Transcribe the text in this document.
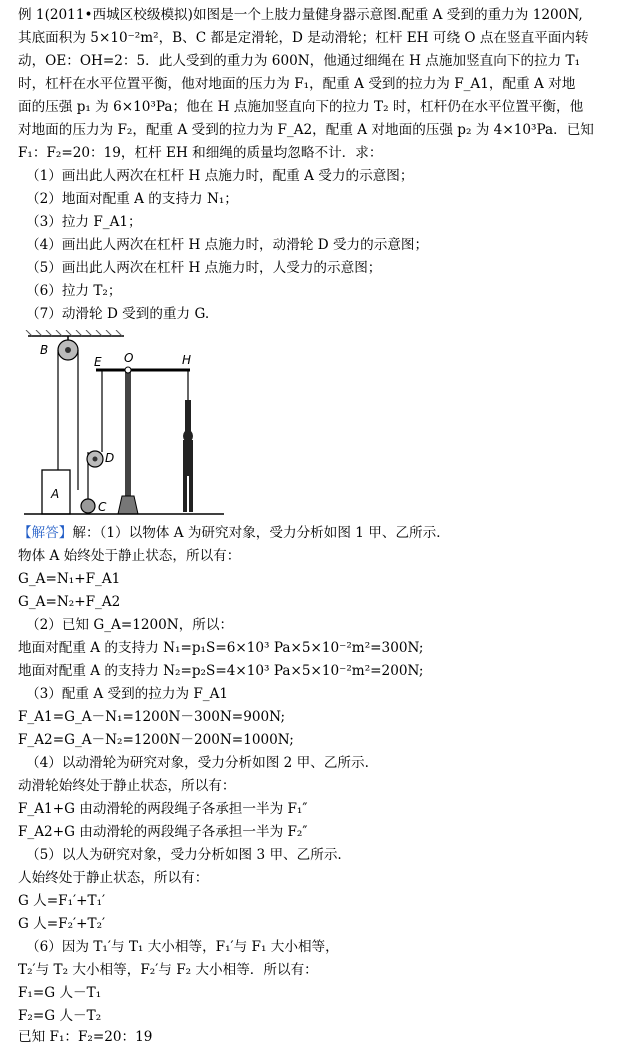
例 1(2011•西城区校级模拟)如图是一个上肢力量健身器示意图.配重 A 受到的重力为 1200N,
其底面积为 5×10⁻²m²，B、C 都是定滑轮，D 是动滑轮；杠杆 EH 可绕 O 点在竖直平面内转
动，OE：OH=2：5．此人受到的重力为 600N，他通过细绳在 H 点施加竖直向下的拉力 T₁
时，杠杆在水平位置平衡，他对地面的压力为 F₁，配重 A 受到的拉力为 F_A1，配重 A 对地
面的压强 p₁ 为 6×10³Pa；他在 H 点施加竖直向下的拉力 T₂ 时，杠杆仍在水平位置平衡，他
对地面的压力为 F₂，配重 A 受到的拉力为 F_A2，配重 A 对地面的压强 p₂ 为 4×10³Pa．已知
F₁：F₂=20：19，杠杆 EH 和细绳的质量均忽略不计．求：
（1）画出此人两次在杠杆 H 点施力时，配重 A 受力的示意图；
（2）地面对配重 A 的支持力 N₁；
（3）拉力 F_A1；
（4）画出此人两次在杠杆 H 点施力时，动滑轮 D 受力的示意图；
（5）画出此人两次在杠杆 H 点施力时，人受力的示意图；
（6）拉力 T₂；
（7）动滑轮 D 受到的重力 G.
B
E O	H
D
A
C
【解答】解：（1）以物体 A 为研究对象，受力分析如图 1 甲、乙所示．
物体 A 始终处于静止状态，所以有：
G_A=N₁+F_A1
G_A=N₂+F_A2
（2）已知 G_A=1200N，所以：
地面对配重 A 的支持力 N₁=p₁S=6×10³ Pa×5×10⁻²m²=300N;
地面对配重 A 的支持力 N₂=p₂S=4×10³ Pa×5×10⁻²m²=200N;
（3）配重 A 受到的拉力为 F_A1
F_A1=G_A－N₁=1200N－300N=900N;
F_A2=G_A－N₂=1200N－200N=1000N;
（4）以动滑轮为研究对象，受力分析如图 2 甲、乙所示.
动滑轮始终处于静止状态，所以有：
F_A1+G 由动滑轮的两段绳子各承担一半为 F₁″
F_A2+G 由动滑轮的两段绳子各承担一半为 F₂″
（5）以人为研究对象，受力分析如图 3 甲、乙所示.
人始终处于静止状态，所以有：
G 人=F₁′+T₁′
G 人=F₂′+T₂′
（6）因为 T₁′与 T₁ 大小相等，F₁′与 F₁ 大小相等，
T₂′与 T₂ 大小相等，F₂′与 F₂ 大小相等．所以有：
F₁=G 人－T₁
F₂=G 人－T₂
已知 F₁：F₂=20：19
